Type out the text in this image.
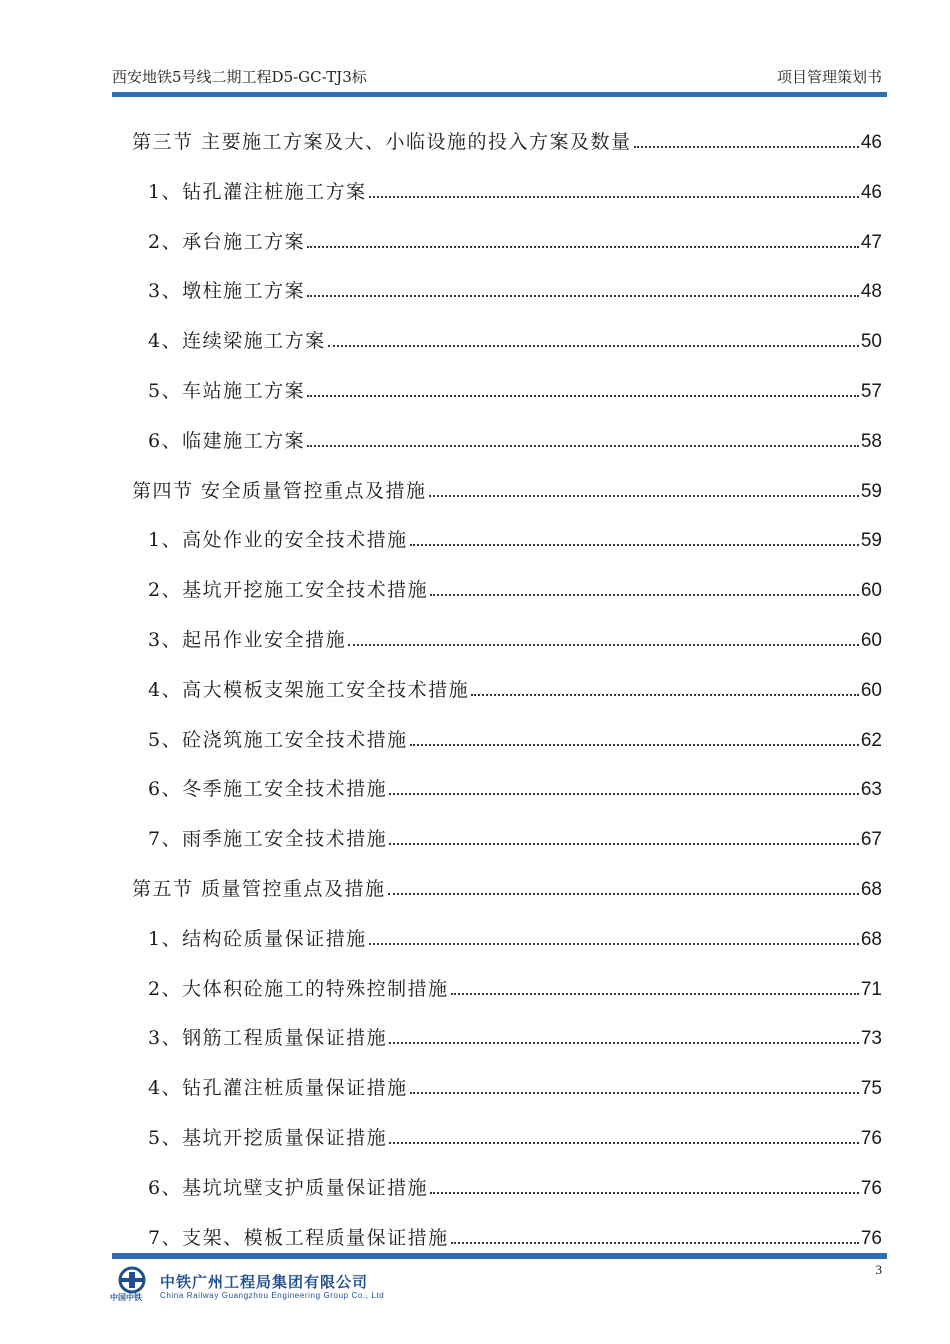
西安地铁5号线二期工程D5-GC-TJ3标	项目管理策划书
第三节 主要施工方案及大、小临设施的投入方案及数量	46
1、钻孔灌注桩施工方案	46
2、承台施工方案	47
3、墩柱施工方案	48
4、连续梁施工方案	50
5、车站施工方案	57
6、临建施工方案	58
第四节 安全质量管控重点及措施	59
1、高处作业的安全技术措施	59
2、基坑开挖施工安全技术措施	60
3、起吊作业安全措施	60
4、高大模板支架施工安全技术措施	60
5、砼浇筑施工安全技术措施	62
6、冬季施工安全技术措施	63
7、雨季施工安全技术措施	67
第五节 质量管控重点及措施	68
1、结构砼质量保证措施	68
2、大体积砼施工的特殊控制措施	71
3、钢筋工程质量保证措施	73
4、钻孔灌注桩质量保证措施	75
5、基坑开挖质量保证措施	76
6、基坑坑壁支护质量保证措施	76
7、支架、模板工程质量保证措施	76
3
中国中铁
中铁广州工程局集团有限公司
China Railway Guangzhou Engineering Group Co., Ltd
